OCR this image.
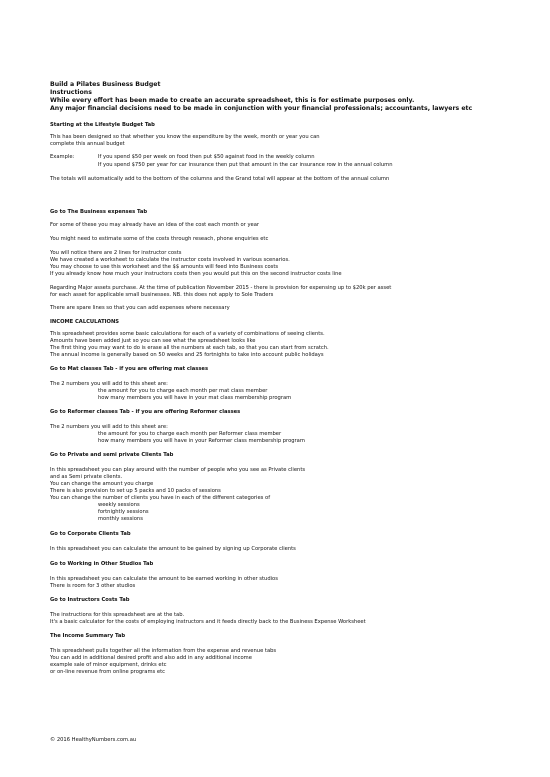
Build a Pilates Business Budget
Instructions
While every effort has been made to create an accurate spreadsheet, this is for estimate purposes only.
Any major financial decisions need to be made in conjunction with your financial professionals; accountants, lawyers etc
Starting at the Lifestyle Budget Tab
This has been designed so that whether you know the expenditure by the week, month or year you can
complete this annual budget
Example:	If you spend $50 per week on food then put $50 against food in the weekly column
If you spend $750 per year for car insurance then put that amount in the car insurance row in the annual column
The totals will automatically add to the bottom of the columns and the Grand total will appear at the bottom of the annual column
Go to The Business expenses Tab
For some of these you may already have an idea of the cost each month or year
You might need to estimate some of the costs through reseach, phone enquiries etc
You will notice there are 2 lines for instructor costs
We have created a worksheet to calculate the instructor costs involved in various scenarios.
You may choose to use this worksheet and the $$ amounts will feed into Business costs
If you already know how much your instructors costs then you would put this on the second instructor costs line
Regarding Major assets purchase. At the time of publication November 2015 - there is provision for expensing up to $20k per asset
for each asset for applicable small businesses. NB. this does not apply to Sole Traders
There are spare lines so that you can add expenses where necessary
INCOME CALCULATIONS
This spreadsheet provides some basic calculations for each of a variety of combinations of seeing clients.
Amounts have been added just so you can see what the spreadsheet looks like
The first thing you may want to do is erase all the numbers at each tab, so that you can start from scratch.
The annual income is generally based on 50 weeks and 25 fortnights to take into account public holidays
Go to Mat classes Tab - if you are offering mat classes
The 2 numbers you will add to this sheet are:
the amount for you to charge each month per mat class member
how many members you will have in your mat class membership program
Go to Reformer classes Tab - if you are offering Reformer classes
The 2 numbers you will add to this sheet are:
the amount for you to charge each month per Reformer class member
how many members you will have in your Reformer class membership program
Go to Private and semi private Clients Tab
In this spreadsheet you can play around with the number of people who you see as Private clients
and as Semi private clients.
You can change the amount you charge
There is also provision to set up 5 packs and 10 packs of sessions
You can change the number of clients you have in each of the different categories of
weekly sessions
fortnightly sessions
monthly sessions
Go to Corporate Clients Tab
In this spreadsheet you can calculate the amount to be gained by signing up Corporate clients
Go to Working in Other Studios Tab
In this spreadsheet you can calculate the amount to be earned working in other studios
There is room for 3 other studios
Go to Instructors Costs Tab
The instructions for this spreadsheet are at the tab.
It's a basic calculator for the costs of employing instructors and it feeds directly back to the Business Expense Worksheet
The Income Summary Tab
This spreadsheet pulls together all the information from the expense and revenue tabs
You can add in additional desired profit and also add in any additional income
example sale of minor equipment, drinks etc
or on-line revenue from online programs etc
© 2016 HealthyNumbers.com.au
